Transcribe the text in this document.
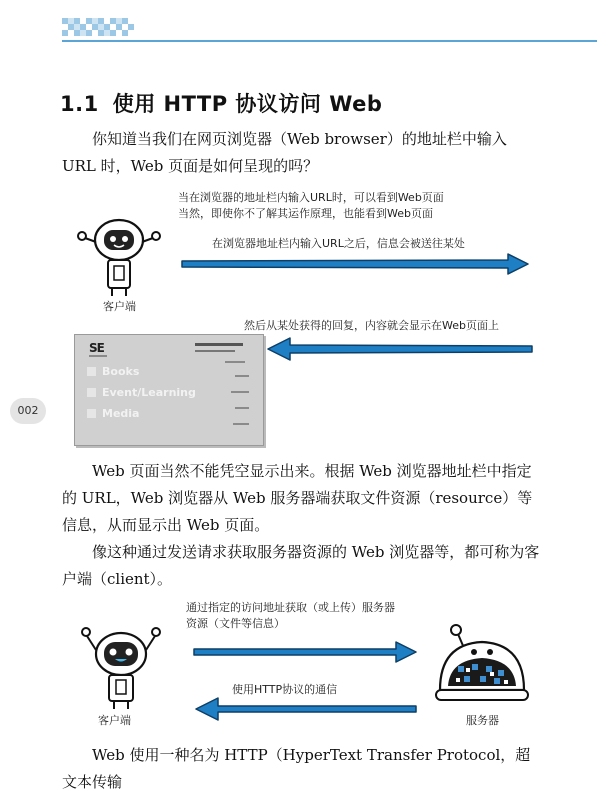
1.1 使用 HTTP 协议访问 Web

你知道当我们在网页浏览器（Web browser）的地址栏中输入 URL 时，Web 页面是如何呈现的吗？

当在浏览器的地址栏内输入URL时，可以看到Web页面
当然，即使你不了解其运作原理，也能看到Web页面
客户端
在浏览器地址栏内输入URL之后，信息会被送往某处
然后从某处获得的回复，内容就会显示在Web页面上
SE
Books
Event/Learning
Media
002

Web 页面当然不能凭空显示出来。根据 Web 浏览器地址栏中指定的 URL，Web 浏览器从 Web 服务器端获取文件资源（resource）等信息，从而显示出 Web 页面。

像这种通过发送请求获取服务器资源的 Web 浏览器等，都可称为客户端（client）。

通过指定的访问地址获取（或上传）服务器
资源（文件等信息）
使用HTTP协议的通信
客户端	服务器

Web 使用一种名为 HTTP（HyperText Transfer Protocol，超文本传输
